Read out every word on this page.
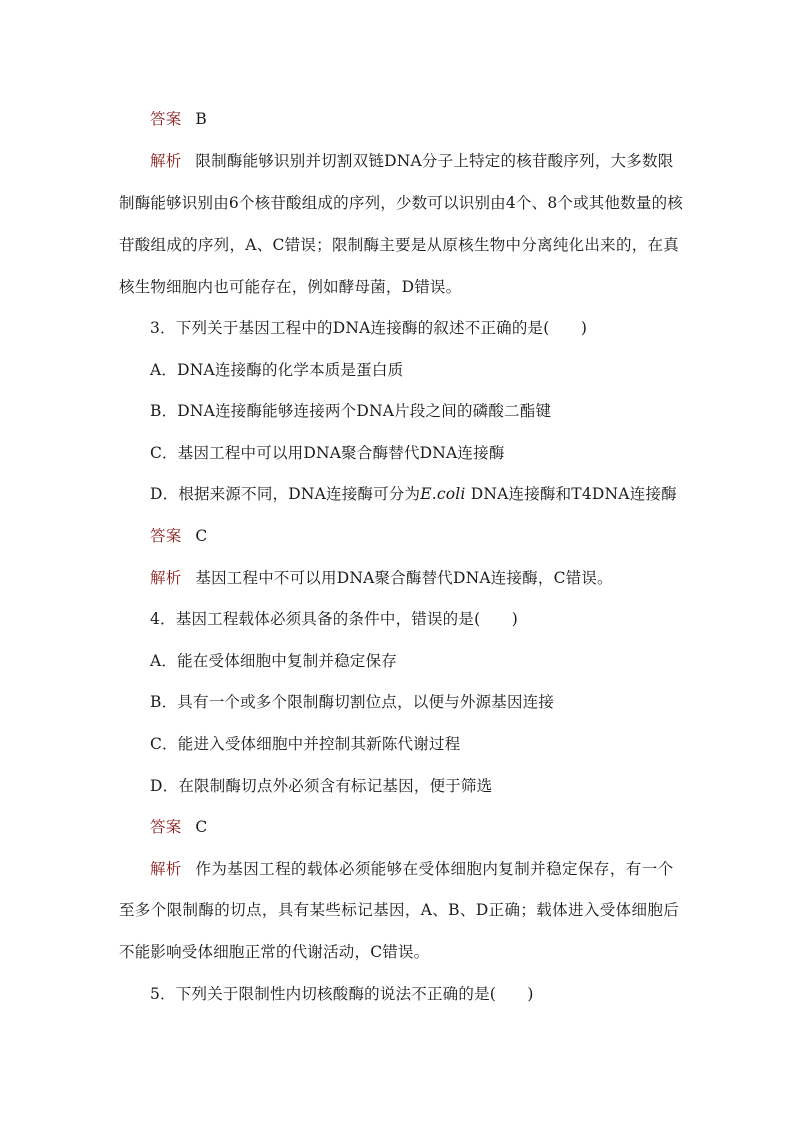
答案 B
解析 限制酶能够识别并切割双链DNA分子上特定的核苷酸序列，大多数限
制酶能够识别由6个核苷酸组成的序列，少数可以识别由4个、8个或其他数量的核
苷酸组成的序列，A、C错误；限制酶主要是从原核生物中分离纯化出来的，在真
核生物细胞内也可能存在，例如酵母菌，D错误。
3．下列关于基因工程中的DNA连接酶的叙述不正确的是(　　)
A．DNA连接酶的化学本质是蛋白质
B．DNA连接酶能够连接两个DNA片段之间的磷酸二酯键
C．基因工程中可以用DNA聚合酶替代DNA连接酶
D．根据来源不同，DNA连接酶可分为E.coli DNA连接酶和T4DNA连接酶
答案 C
解析 基因工程中不可以用DNA聚合酶替代DNA连接酶，C错误。
4．基因工程载体必须具备的条件中，错误的是(　　)
A．能在受体细胞中复制并稳定保存
B．具有一个或多个限制酶切割位点，以便与外源基因连接
C．能进入受体细胞中并控制其新陈代谢过程
D．在限制酶切点外必须含有标记基因，便于筛选
答案 C
解析 作为基因工程的载体必须能够在受体细胞内复制并稳定保存，有一个
至多个限制酶的切点，具有某些标记基因，A、B、D正确；载体进入受体细胞后
不能影响受体细胞正常的代谢活动，C错误。
5．下列关于限制性内切核酸酶的说法不正确的是(　　)
